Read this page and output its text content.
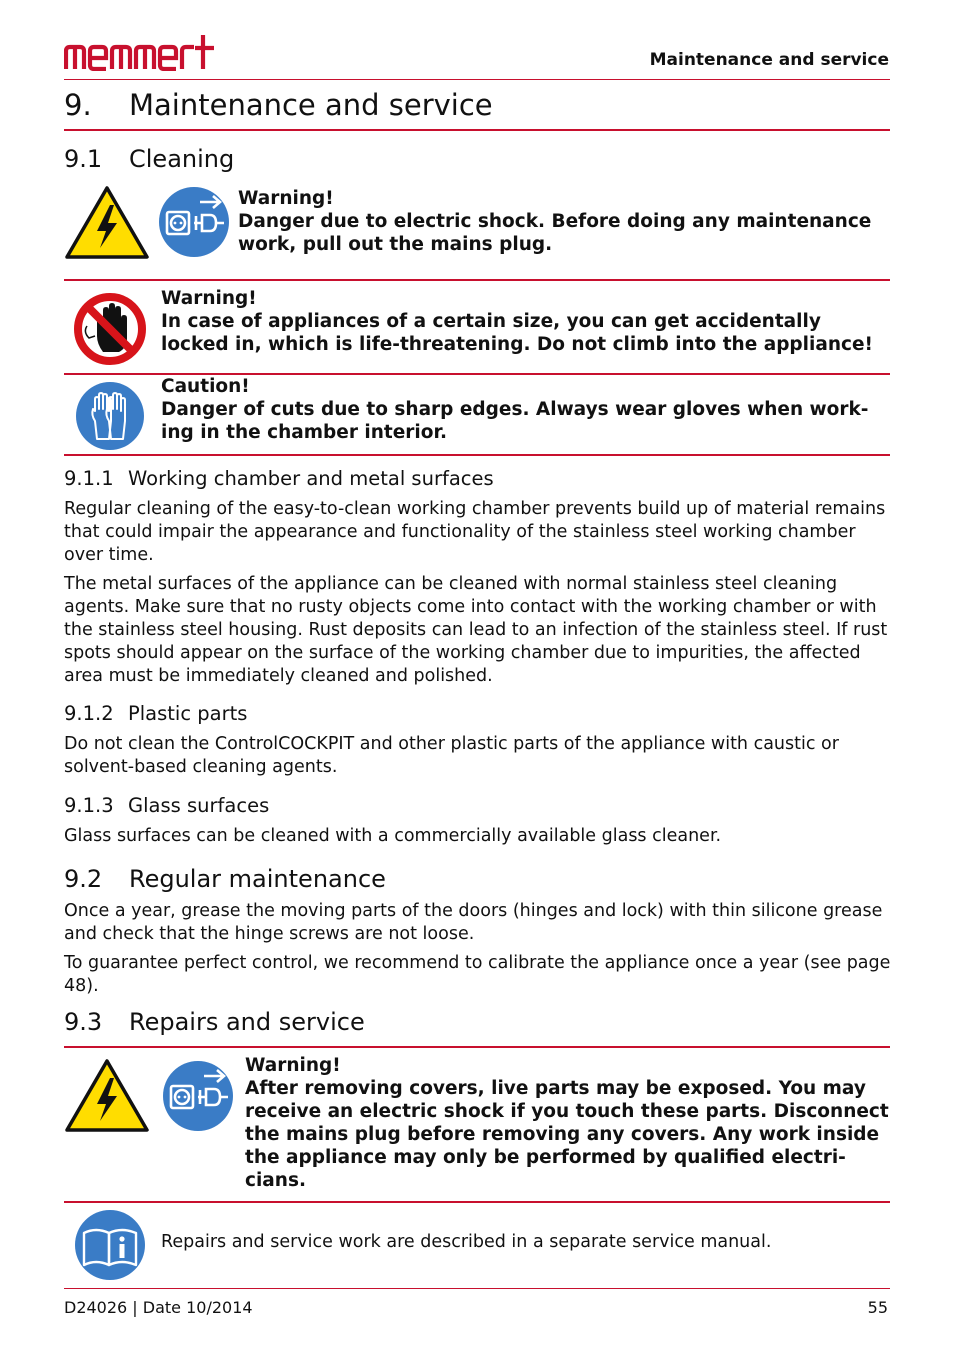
Maintenance and service
9. Maintenance and service
9.1 Cleaning
Warning!
Danger due to electric shock. Before doing any maintenance work, pull out the mains plug.
Warning!
In case of appliances of a certain size, you can get accidentally locked in, which is life-threatening. Do not climb into the appliance!
Caution!
Danger of cuts due to sharp edges. Always wear gloves when work-
ing in the chamber interior.
9.1.1 Working chamber and metal surfaces
Regular cleaning of the easy-to-clean working chamber prevents build up of material remains that could impair the appearance and functionality of the stainless steel working chamber over time.
The metal surfaces of the appliance can be cleaned with normal stainless steel cleaning agents. Make sure that no rusty objects come into contact with the working chamber or with the stainless steel housing. Rust deposits can lead to an infection of the stainless steel. If rust spots should appear on the surface of the working chamber due to impurities, the affected area must be immediately cleaned and polished.
9.1.2 Plastic parts
Do not clean the ControlCOCKPIT and other plastic parts of the appliance with caustic or solvent-based cleaning agents.
9.1.3 Glass surfaces
Glass surfaces can be cleaned with a commercially available glass cleaner.
9.2 Regular maintenance
Once a year, grease the moving parts of the doors (hinges and lock) with thin silicone grease and check that the hinge screws are not loose.
To guarantee perfect control, we recommend to calibrate the appliance once a year (see page 48).
9.3 Repairs and service
Warning!
After removing covers, live parts may be exposed. You may
receive an electric shock if you touch these parts. Disconnect
the mains plug before removing any covers. Any work inside
the appliance may only be performed by qualified electri-
cians.
Repairs and service work are described in a separate service manual.
D24026 | Date 10/2014	55
